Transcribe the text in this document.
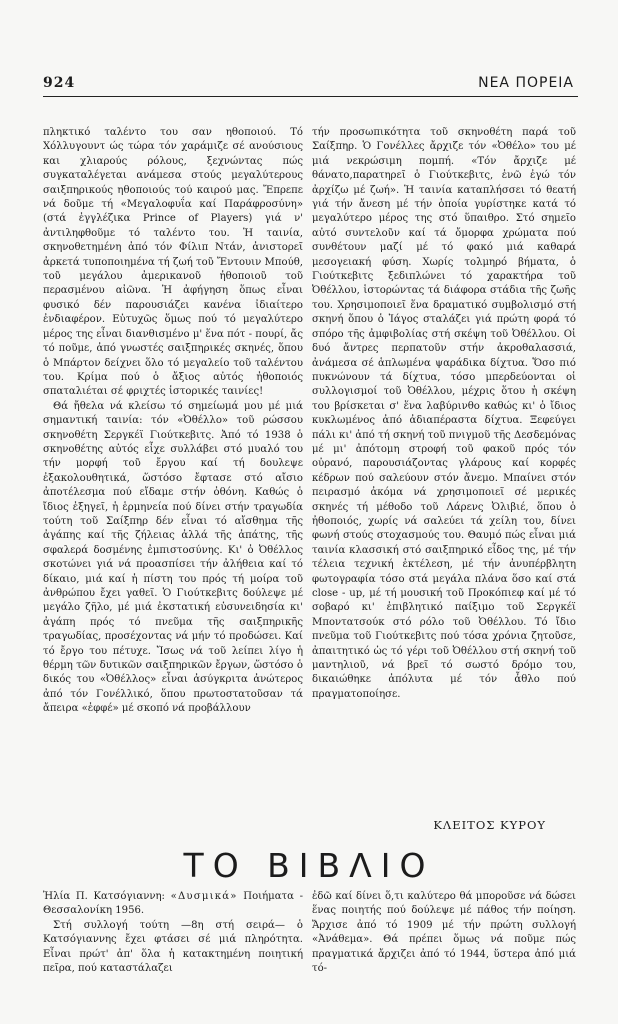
924	ΝΕΑ ΠΟΡΕΙΑ

πληκτικό ταλέντο του σαν ηθοποιού. Τό Χόλλυγουντ ώς τώρα τόν χαράμιζε σέ ανούσιους και χλιαρούς ρόλους, ξεχνώντας πώς συγκαταλέγεται ανάμεσα στούς μεγαλύτερους σαιξπηρικούς ηθοποιούς τού καιρού μας. Ἔπρεπε νά δοῦμε τή «Μεγαλοφυΐα καί Παράφροσύνη» (στά ἐγγλέζικα Prince of Players) γιά ν' ἀντιληφθοῦμε τό ταλέντο του. Ἡ ταινία, σκηνοθετημένη ἀπό τόν Φίλιπ Ντάν, ἀνιστορεῖ ἀρκετά τυποποιημένα τή ζωή τοῦ Ἔντουιν Μπούθ, τοῦ μεγάλου ἀμερικανοῦ ἠθοποιοῦ τοῦ περασμένου αἰῶνα. Ἡ ἀφήγηση ὅπως εἶναι φυσικό δέν παρουσιάζει κανένα ἰδιαίτερο ἐνδιαφέρον. Εὐτυχῶς ὅμως πού τό μεγαλύτερο μέρος της εἶναι διανθισμένο μ' ἕνα πότ - πουρί, ἄς τό ποῦμε, ἀπό γνωστές σαιξπηρικές σκηνές, ὅπου ὁ Μπάρτον δείχνει ὅλο τό μεγαλείο τοῦ ταλέντου του. Κρίμα πού ὁ ἄξιος αὐτός ἠθοποιός σπαταλιέται σέ φριχτές ἱστορικές ταινίες!

Θά ἤθελα νά κλείσω τό σημείωμά μου μέ μιά σημαντική ταινία: τόν «Ὀθέλλο» τοῦ ρώσσου σκηνοθέτη Σεργκέϊ Γιούτκεβιτς. Ἀπό τό 1938 ὁ σκηνοθέτης αὐτός εἶχε συλλάβει στό μυαλό του τήν μορφή τοῦ ἔργου καί τή δουλεψε ἐξακολουθητικά, ὥστόσο ἔφτασε στό αἴσιο ἀποτέλεσμα πού εἴδαμε στήν ὀθόνη. Καθώς ὁ ἴδιος ἐξηγεῖ, ἡ ἑρμηνεία πού δίνει στήν τραγωδία τούτη τοῦ Σαίξπηρ δέν εἶναι τό αἴσθημα τῆς ἀγάπης καί τῆς ζήλειας ἀλλά τῆς ἀπάτης, τῆς σφαλερά δοσμένης ἐμπιστοσύνης. Κι' ὁ Ὀθέλλος σκοτώνει γιά νά προασπίσει τήν ἀλήθεια καί τό δίκαιο, μιά καί ἡ πίστη του πρός τή μοίρα τοῦ ἀνθρώπου ἔχει γαθεῖ. Ὁ Γιούτκεβιτς δούλεψε μέ μεγάλο ζῆλο, μέ μιά ἐκστατική εὐσυνειδησία κι' ἀγάπη πρός τό πνεῦμα τῆς σαιξπηρικῆς τραγωδίας, προσέχοντας νά μήν τό προδώσει. Καί τό ἔργο του πέτυχε. Ἴσως νά τοῦ λείπει λίγο ἡ θέρμη τῶν δυτικῶν σαιξπηρικῶν ἔργων, ὥστόσο ὁ δικός του «Ὀθέλλος» εἶναι ἀσύγκριτα ἀνώτερος ἀπό τόν Γονέλλικό, ὅπου πρωτοστατοῦσαν τά ἄπειρα «ἐφφέ» μέ σκοπό νά προβάλλουν

τήν προσωπικότητα τοῦ σκηνοθέτη παρά τοῦ Σαίξπηρ. Ὁ Γονέλλες ἄρχιζε τόν «Ὀθέλο» του μέ μιά νεκρώσιμη πομπή. «Τόν ἄρχιζε μέ θάνατο,παρατηρεῖ ὁ Γιούτκεβιτς, ἐνῶ ἐγώ τόν ἀρχίζω μέ ζωή». Ἡ ταινία καταπλήσσει τό θεατή γιά τήν ἄνεση μέ τήν ὁποία γυρίστηκε κατά τό μεγαλύτερο μέρος της στό ὕπαιθρο. Στό σημεῖο αὐτό συντελοῦν καί τά ὄμορφα χρώματα πού συνθέτουν μαζί μέ τό φακό μιά καθαρά μεσογειακή φύση. Χωρίς τολμηρό βήματα, ὁ Γιούτκεβιτς ξεδιπλώνει τό χαρακτήρα τοῦ Ὀθέλλου, ἱστορώντας τά διάφορα στάδια τῆς ζωῆς του. Χρησιμοποιεῖ ἕνα δραματικό συμβολισμό στή σκηνή ὅπου ὁ Ἰάγος σταλάζει γιά πρώτη φορά τό σπόρο τῆς ἀμφιβολίας στή σκέψη τοῦ Ὀθέλλου. Οἱ δυό ἄντρες περπατοῦν στήν ἀκροθαλασσιά, ἀνάμεσα σέ ἁπλωμένα ψαράδικα δίχτυα. Ὅσο πιό πυκνώνουν τά δίχτυα, τόσο μπερδεύονται οἱ συλλογισμοί τοῦ Ὀθέλλου, μέχρις ὅτου ἡ σκέψη του βρίσκεται σ' ἕνα λαβύρινθο καθώς κι' ὁ ἴδιος κυκλωμένος ἀπό ἀδιαπέραστα δίχτυα. Ξεφεύγει πάλι κι' ἀπό τή σκηνή τοῦ πνιγμοῦ τῆς Δεσδεμόνας μέ μι' ἀπότομη στροφή τοῦ φακοῦ πρός τόν οὐρανό, παρουσιάζοντας γλάρους καί κορφές κέδρων πού σαλεύουν στόν ἄνεμο. Μπαίνει στόν πειρασμό ἀκόμα νά χρησιμοποιεῖ σέ μερικές σκηνές τή μέθοδο τοῦ Λάρενς Ὀλιβιέ, ὅπου ὁ ἠθοποιός, χωρίς νά σαλεύει τά χείλη του, δίνει φωνή στούς στοχασμούς του. Θαυμό πώς εἶναι μιά ταινία κλασσική στό σαιξπηρικό εἶδος της, μέ τήν τέλεια τεχνική ἐκτέλεση, μέ τήν ἀνυπέρβλητη φωτογραφία τόσο στά μεγάλα πλάνα ὅσο καί στά close - up, μέ τή μουσική τοῦ Προκόπιεφ καί μέ τό σοβαρό κι' ἐπιβλητικό παίξιμο τοῦ Σεργκέϊ Μποντατσούκ στό ρόλο τοῦ Ὀθέλλου. Τό ἴδιο πνεῦμα τοῦ Γιούτκεβιτς πού τόσα χρόνια ζητοῦσε, ἀπαιτητικό ὡς τό γέρι τοῦ Ὀθέλλου στή σκηνή τοῦ μαντηλιοῦ, νά βρεῖ τό σωστό δρόμο του, δικαιώθηκε ἀπόλυτα μέ τόν ἆθλο πού πραγματοποίησε.

ΚΛΕΙΤΟΣ ΚΥΡΟΥ
ΤΟ ΒΙΒΛΙΟ

Ἠλία Π. Κατσόγιαννη: «Δυσμικά» Ποιήματα - Θεσσαλονίκη 1956.

Στή συλλογή τούτη —8η στή σειρά— ὁ Κατσόγιαννης ἔχει φτάσει σέ μιά πληρότητα. Εἶναι πρώτ' ἀπ' ὅλα ἡ κατακτημένη ποιητική πεῖρα, πού καταστάλαζει

ἐδῶ καί δίνει ὅ,τι καλύτερο θά μποροῦσε νά δώσει ἕνας ποιητής πού δούλεψε μέ πάθος τήν ποίηση. Ἄρχισε ἀπό τό 1909 μέ τήν πρώτη συλλογή «Ἀνάθεμα». Θά πρέπει ὅμως νά ποῦμε πώς πραγματικά ἄρχιζει ἀπό τό 1944, ὕστερα ἀπό μιά τό-
